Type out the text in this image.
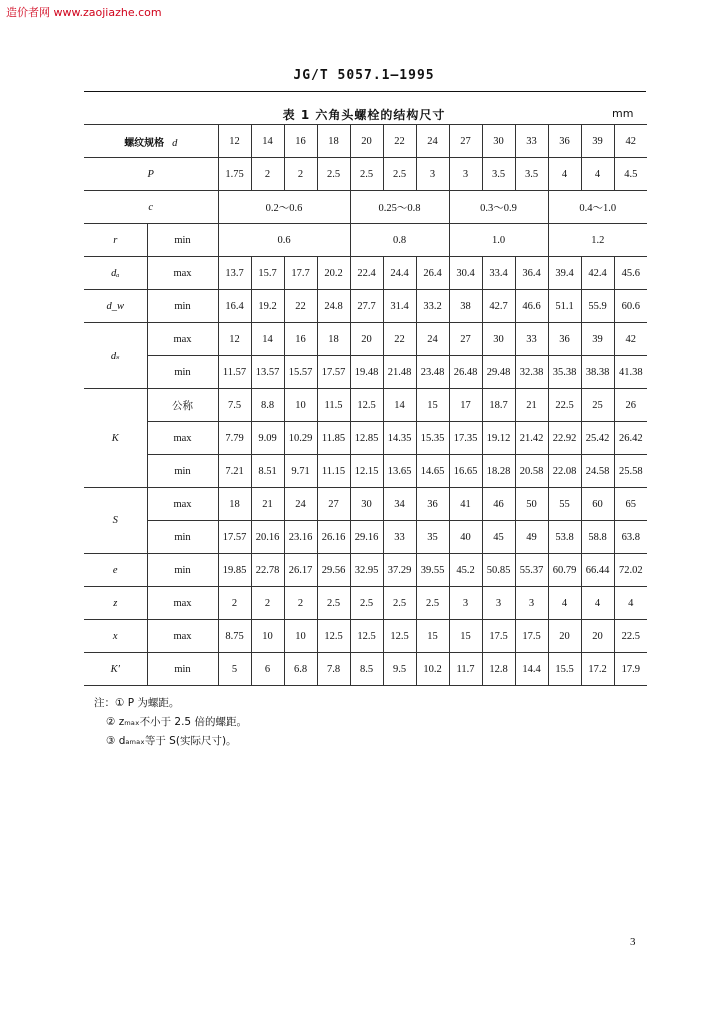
造价者网 www.zaojiazhe.com
JG/T 5057.1—1995
表 1 六角头螺栓的结构尺寸	mm
螺纹规格 d		12	14	16	18	20	22	24	27	30	33	36	39	42
P		1.75	2	2	2.5	2.5	2.5	3	3	3.5	3.5	4	4	4.5
c		0.2～0.6				0.25～0.8			0.3～0.9			0.4～1.0		
r	min	0.6				0.8			1.0			1.2		
dₐ	max	13.7	15.7	17.7	20.2	22.4	24.4	26.4	30.4	33.4	36.4	39.4	42.4	45.6
d_w	min	16.4	19.2	22	24.8	27.7	31.4	33.2	38	42.7	46.6	51.1	55.9	60.6
dₛ	max	12	14	16	18	20	22	24	27	30	33	36	39	42
	min	11.57	13.57	15.57	17.57	19.48	21.48	23.48	26.48	29.48	32.38	35.38	38.38	41.38
K	公称	7.5	8.8	10	11.5	12.5	14	15	17	18.7	21	22.5	25	26
	max	7.79	9.09	10.29	11.85	12.85	14.35	15.35	17.35	19.12	21.42	22.92	25.42	26.42
	min	7.21	8.51	9.71	11.15	12.15	13.65	14.65	16.65	18.28	20.58	22.08	24.58	25.58
S	max	18	21	24	27	30	34	36	41	46	50	55	60	65
	min	17.57	20.16	23.16	26.16	29.16	33	35	40	45	49	53.8	58.8	63.8
e	min	19.85	22.78	26.17	29.56	32.95	37.29	39.55	45.2	50.85	55.37	60.79	66.44	72.02
z	max	2	2	2	2.5	2.5	2.5	2.5	3	3	3	4	4	4
x	max	8.75	10	10	12.5	12.5	12.5	15	15	17.5	17.5	20	20	22.5
K′	min	5	6	6.8	7.8	8.5	9.5	10.2	11.7	12.8	14.4	15.5	17.2	17.9
注：① P 为螺距。
② zₘₐₓ不小于 2.5 倍的螺距。
③ dₐₘₐₓ等于 S(实际尺寸)。
3
